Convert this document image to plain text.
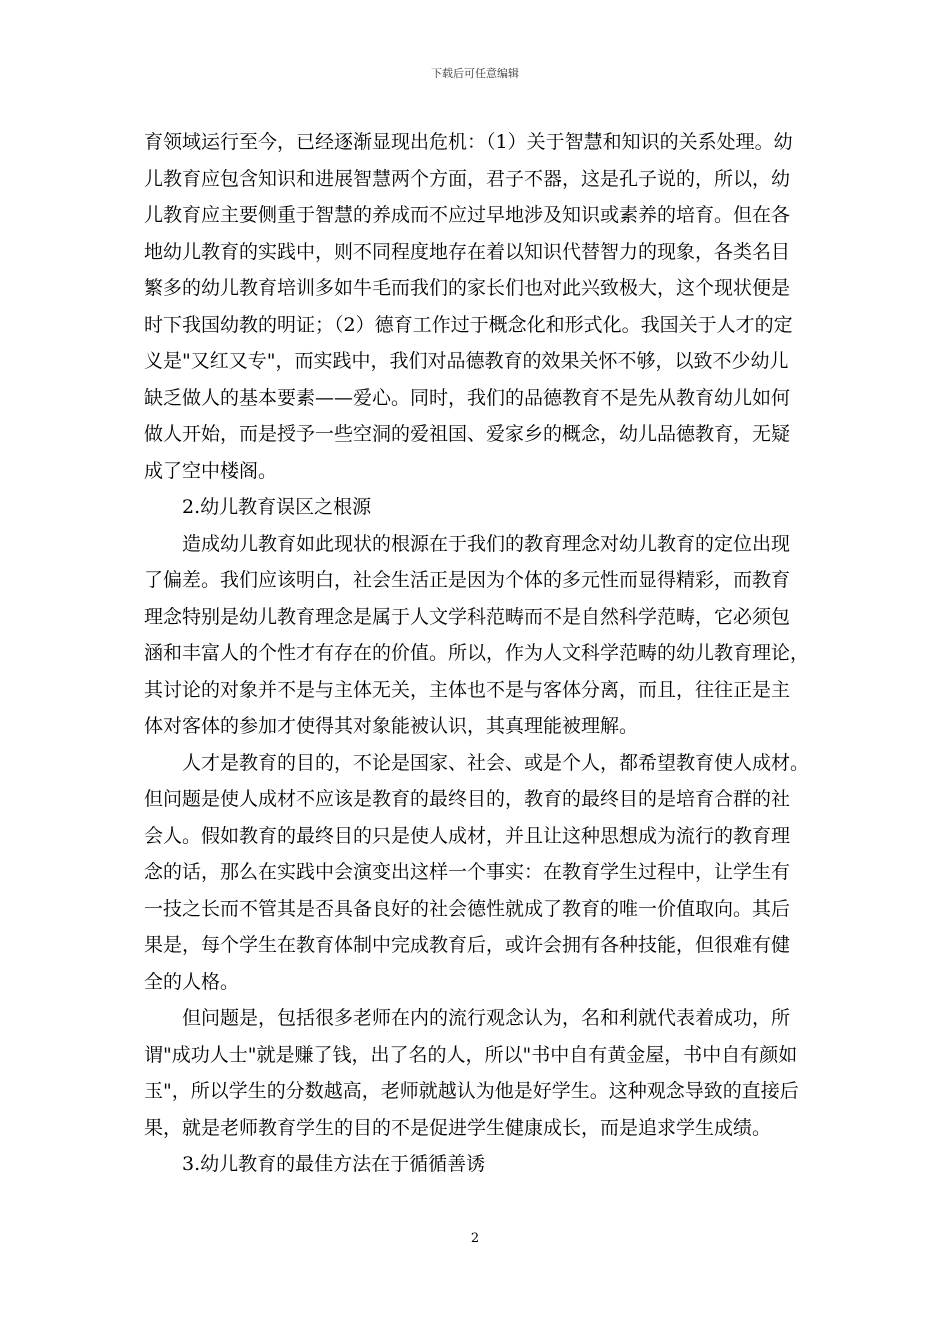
下载后可任意编辑
育领域运行至今，已经逐渐显现出危机：（1）关于智慧和知识的关系处理。幼
儿教育应包含知识和进展智慧两个方面，君子不器，这是孔子说的，所以，幼
儿教育应主要侧重于智慧的养成而不应过早地涉及知识或素养的培育。但在各
地幼儿教育的实践中，则不同程度地存在着以知识代替智力的现象，各类名目
繁多的幼儿教育培训多如牛毛而我们的家长们也对此兴致极大，这个现状便是
时下我国幼教的明证；（2）德育工作过于概念化和形式化。我国关于人才的定
义是"又红又专"，而实践中，我们对品德教育的效果关怀不够，以致不少幼儿
缺乏做人的基本要素——爱心。同时，我们的品德教育不是先从教育幼儿如何
做人开始，而是授予一些空洞的爱祖国、爱家乡的概念，幼儿品德教育，无疑
成了空中楼阁。
2.幼儿教育误区之根源
造成幼儿教育如此现状的根源在于我们的教育理念对幼儿教育的定位出现
了偏差。我们应该明白，社会生活正是因为个体的多元性而显得精彩，而教育
理念特别是幼儿教育理念是属于人文学科范畴而不是自然科学范畴，它必须包
涵和丰富人的个性才有存在的价值。所以，作为人文科学范畴的幼儿教育理论，
其讨论的对象并不是与主体无关，主体也不是与客体分离，而且，往往正是主
体对客体的参加才使得其对象能被认识，其真理能被理解。
人才是教育的目的，不论是国家、社会、或是个人，都希望教育使人成材。
但问题是使人成材不应该是教育的最终目的，教育的最终目的是培育合群的社
会人。假如教育的最终目的只是使人成材，并且让这种思想成为流行的教育理
念的话，那么在实践中会演变出这样一个事实：在教育学生过程中，让学生有
一技之长而不管其是否具备良好的社会德性就成了教育的唯一价值取向。其后
果是，每个学生在教育体制中完成教育后，或许会拥有各种技能，但很难有健
全的人格。
但问题是，包括很多老师在内的流行观念认为，名和利就代表着成功，所
谓"成功人士"就是赚了钱，出了名的人，所以"书中自有黄金屋，书中自有颜如
玉"，所以学生的分数越高，老师就越认为他是好学生。这种观念导致的直接后
果，就是老师教育学生的目的不是促进学生健康成长，而是追求学生成绩。
3.幼儿教育的最佳方法在于循循善诱
2
